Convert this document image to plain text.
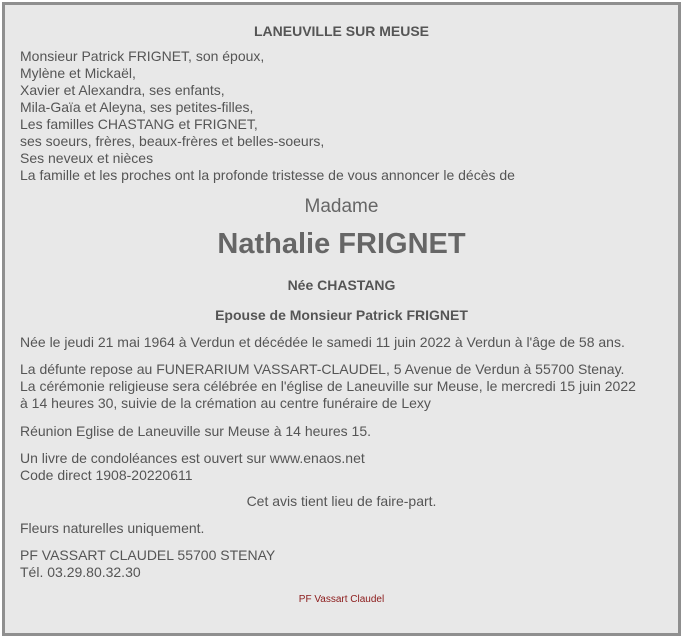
LANEUVILLE SUR MEUSE
Monsieur Patrick FRIGNET, son époux,
Mylène et Mickaël,
Xavier et Alexandra, ses enfants,
Mila-Gaïa et Aleyna, ses petites-filles,
Les familles CHASTANG et FRIGNET,
ses soeurs, frères, beaux-frères et belles-soeurs,
Ses neveux et nièces
La famille et les proches ont la profonde tristesse de vous annoncer le décès de
Madame
Nathalie FRIGNET
Née CHASTANG
Epouse de Monsieur Patrick FRIGNET
Née le jeudi 21 mai 1964 à Verdun et décédée le samedi 11 juin 2022 à Verdun à l'âge de 58 ans.
La défunte repose au FUNERARIUM VASSART-CLAUDEL, 5 Avenue de Verdun à 55700 Stenay.
La cérémonie religieuse sera célébrée en l'église de Laneuville sur Meuse, le mercredi 15 juin 2022
à 14 heures 30, suivie de la crémation au centre funéraire de Lexy
Réunion Eglise de Laneuville sur Meuse à 14 heures 15.
Un livre de condoléances est ouvert sur www.enaos.net
Code direct 1908-20220611
Cet avis tient lieu de faire-part.
Fleurs naturelles uniquement.
PF VASSART CLAUDEL 55700 STENAY
Tél. 03.29.80.32.30
PF Vassart Claudel
